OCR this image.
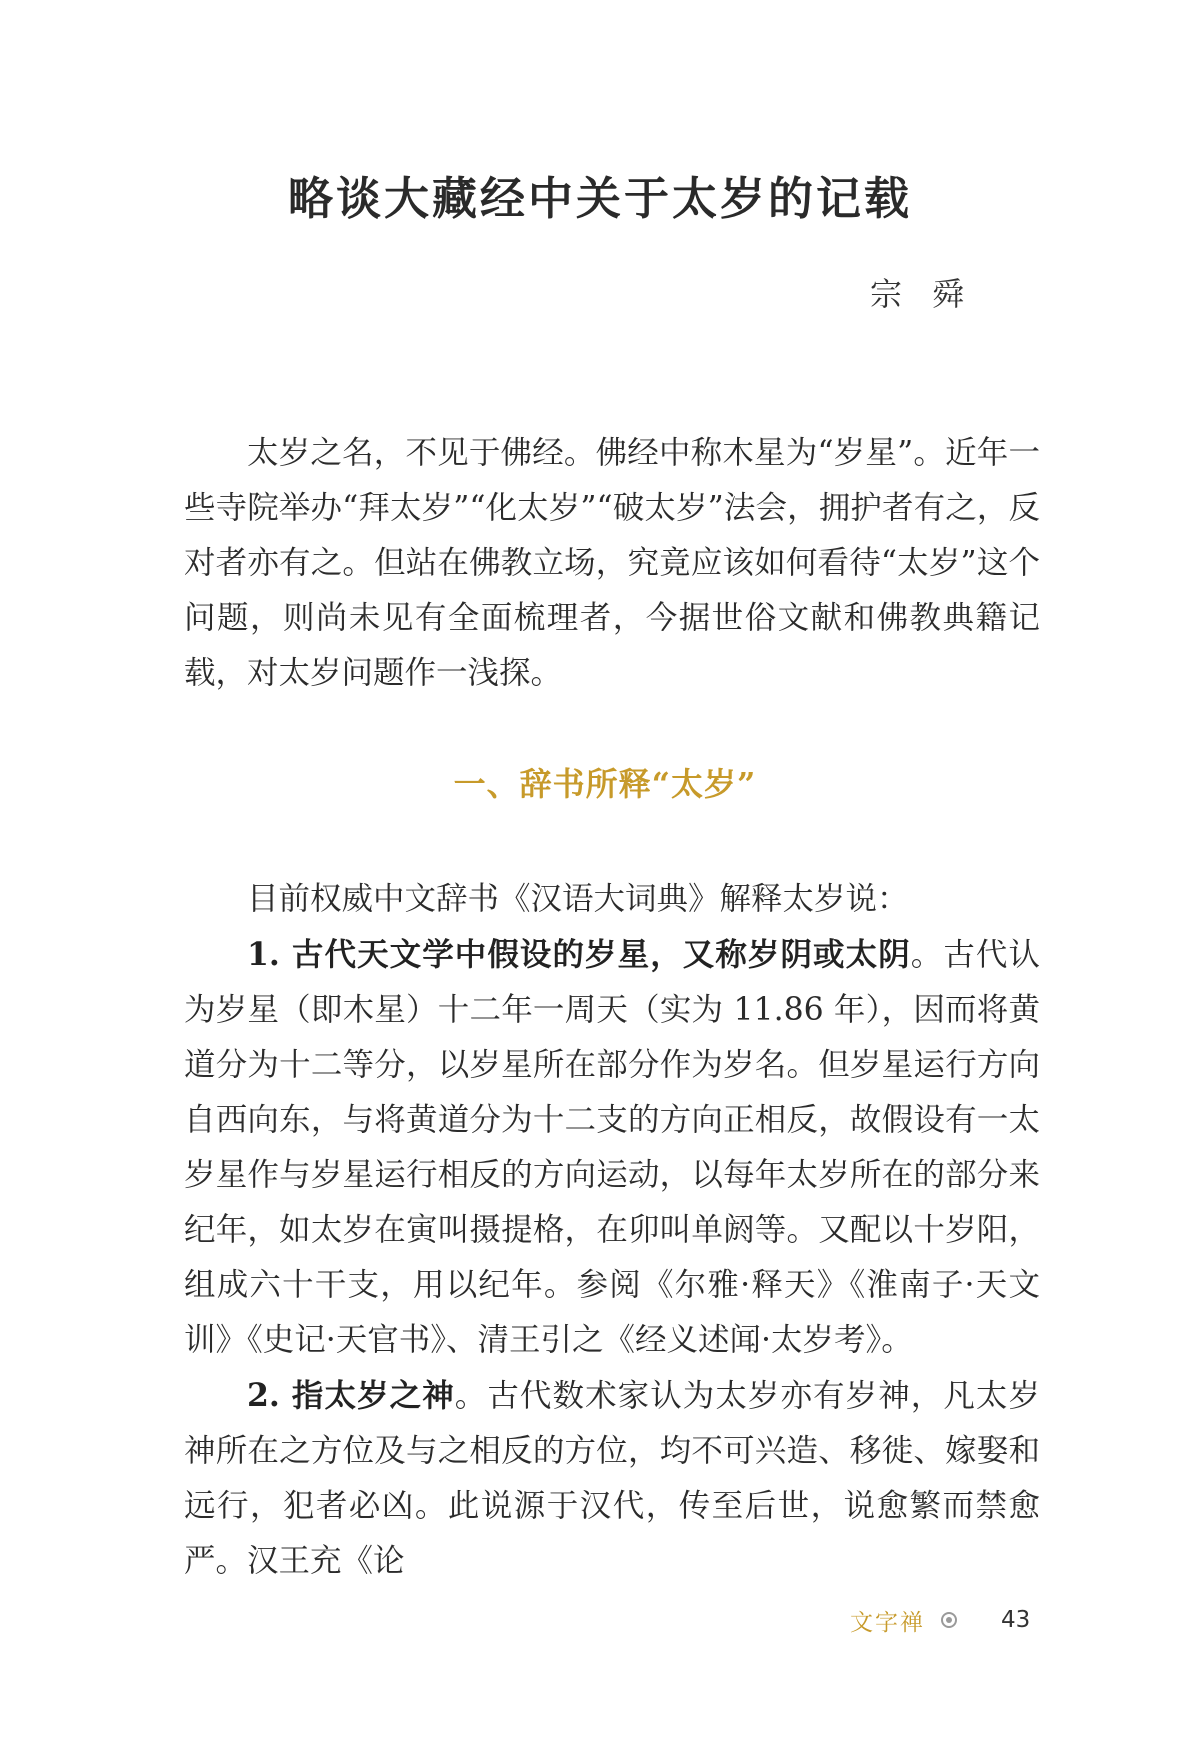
略谈大藏经中关于太岁的记载
宗 舜

太岁之名，不见于佛经。佛经中称木星为“岁星”。近年一些寺院举办“拜太岁”“化太岁”“破太岁”法会，拥护者有之，反对者亦有之。但站在佛教立场，究竟应该如何看待“太岁”这个问题，则尚未见有全面梳理者，今据世俗文献和佛教典籍记载，对太岁问题作一浅探。

一、辞书所释“太岁”

目前权威中文辞书《汉语大词典》解释太岁说：

1. 古代天文学中假设的岁星，又称岁阴或太阴。古代认为岁星（即木星）十二年一周天（实为 11.86 年），因而将黄道分为十二等分，以岁星所在部分作为岁名。但岁星运行方向自西向东，与将黄道分为十二支的方向正相反，故假设有一太岁星作与岁星运行相反的方向运动，以每年太岁所在的部分来纪年，如太岁在寅叫摄提格，在卯叫单阏等。又配以十岁阳，组成六十干支，用以纪年。参阅《尔雅·释天》《淮南子·天文训》《史记·天官书》、清王引之《经义述闻·太岁考》。

2. 指太岁之神。古代数术家认为太岁亦有岁神，凡太岁神所在之方位及与之相反的方位，均不可兴造、移徙、嫁娶和远行，犯者必凶。此说源于汉代，传至后世，说愈繁而禁愈严。汉王充《论

文字禅	43
